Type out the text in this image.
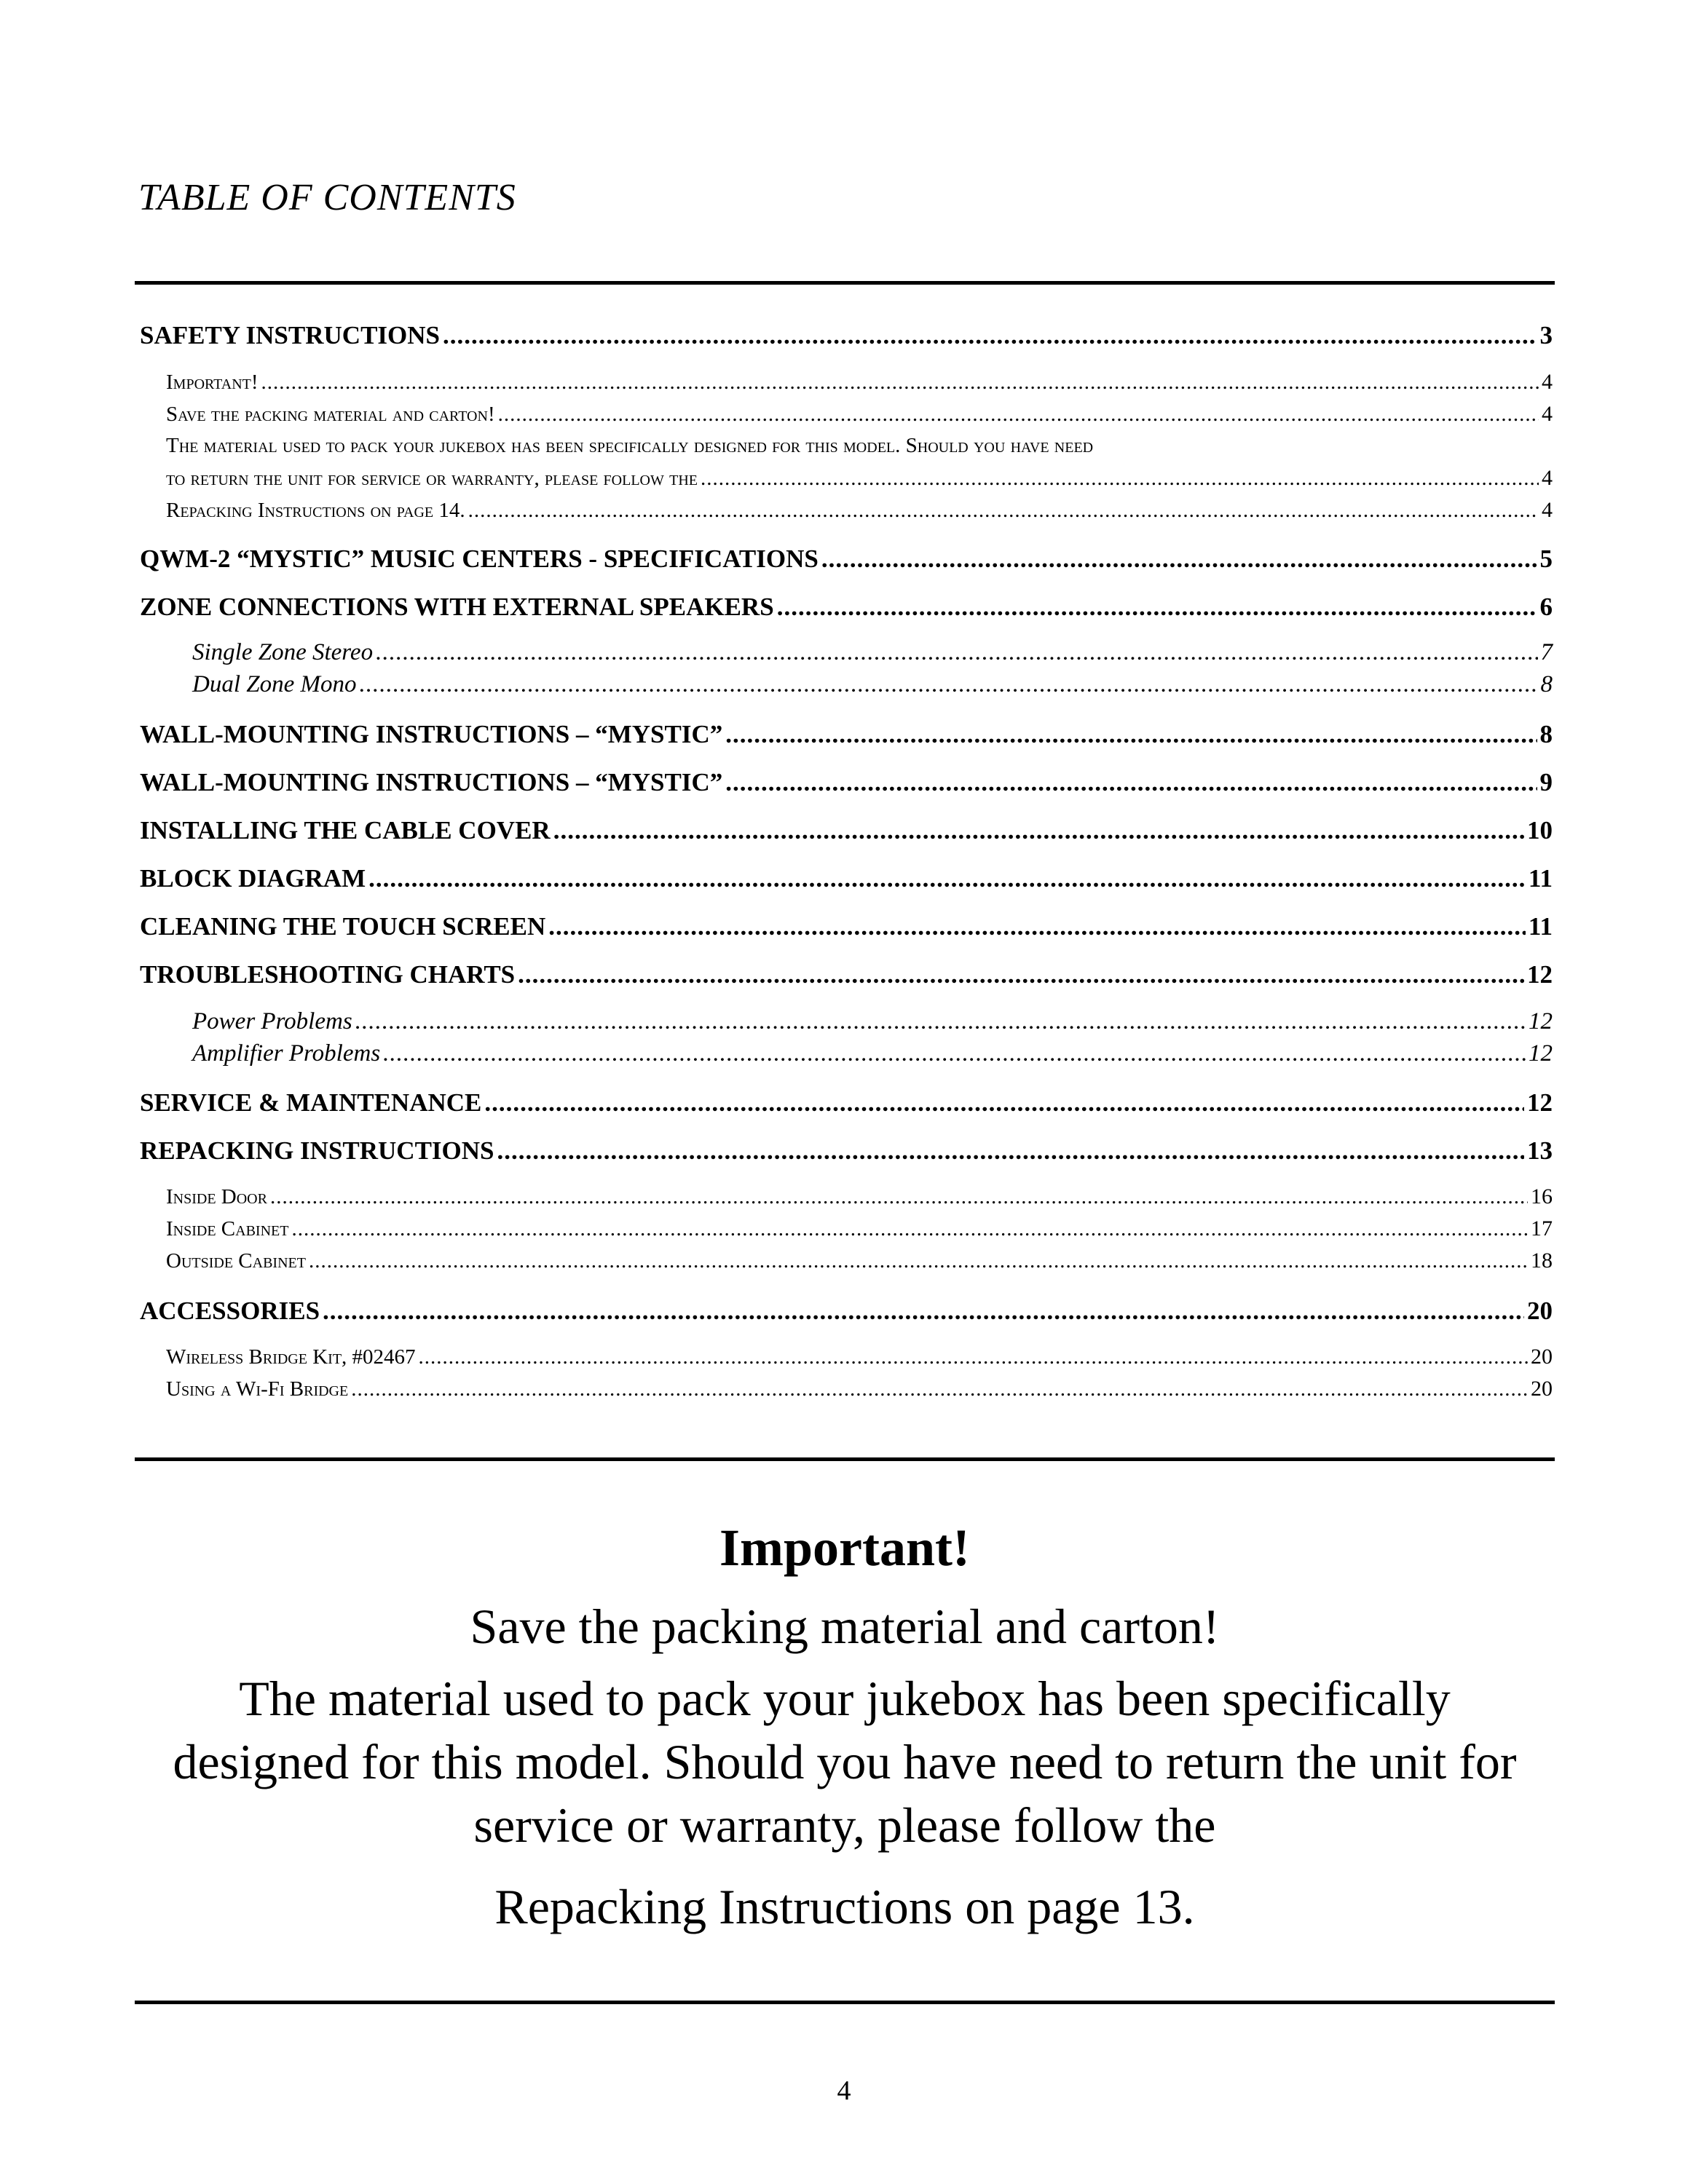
TABLE OF CONTENTS
SAFETY INSTRUCTIONS .....	3
Important! .....	4
Save the packing material and carton! .....	4
The material used to pack your jukebox has been specifically designed for this model. Should you have need
to return the unit for service or warranty, please follow the .....	4
Repacking Instructions on page 14. .....	4
QWM-2 “MYSTIC” MUSIC CENTERS - SPECIFICATIONS .....	5
ZONE CONNECTIONS WITH EXTERNAL SPEAKERS .....	6
Single Zone Stereo .....	7
Dual Zone Mono .....	8
WALL-MOUNTING INSTRUCTIONS – “MYSTIC” .....	8
WALL-MOUNTING INSTRUCTIONS – “MYSTIC” .....	9
INSTALLING THE CABLE COVER .....	10
BLOCK DIAGRAM .....	11
CLEANING THE TOUCH SCREEN .....	11
TROUBLESHOOTING CHARTS .....	12
Power Problems .....	12
Amplifier Problems .....	12
SERVICE & MAINTENANCE .....	12
REPACKING INSTRUCTIONS .....	13
Inside Door .....	16
Inside Cabinet .....	17
Outside Cabinet .....	18
ACCESSORIES .....	20
Wireless Bridge Kit, #02467 .....	20
Using a Wi-Fi Bridge .....	20
Important!
Save the packing material and carton!
The material used to pack your jukebox has been specifically designed for this model. Should you have need to return the unit for service or warranty, please follow the
Repacking Instructions on page 13.
4
